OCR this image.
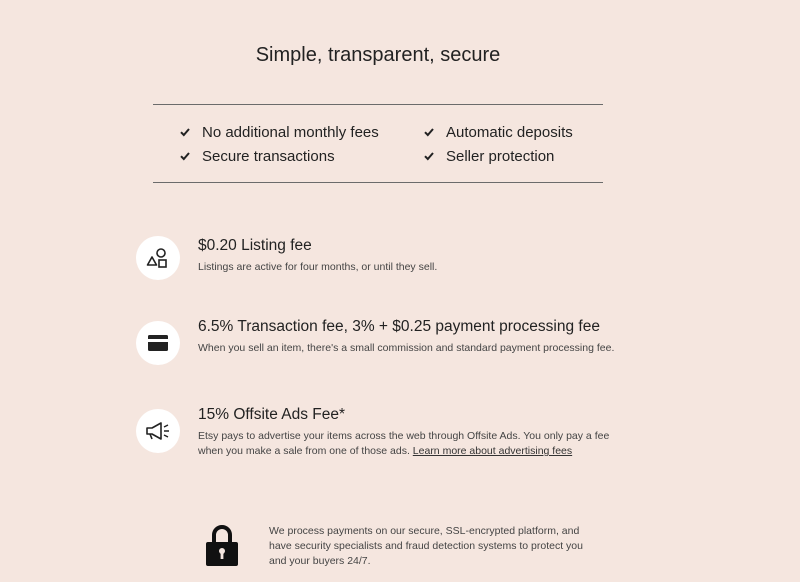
Simple, transparent, secure
No additional monthly fees	Automatic deposits
Secure transactions	Seller protection
$0.20 Listing fee
Listings are active for four months, or until they sell.
6.5% Transaction fee, 3% + $0.25 payment processing fee
When you sell an item, there's a small commission and standard payment processing fee.
15% Offsite Ads Fee*
Etsy pays to advertise your items across the web through Offsite Ads. You only pay a fee when you make a sale from one of those ads. Learn more about advertising fees
We process payments on our secure, SSL-encrypted platform, and have security specialists and fraud detection systems to protect you and your buyers 24/7.
